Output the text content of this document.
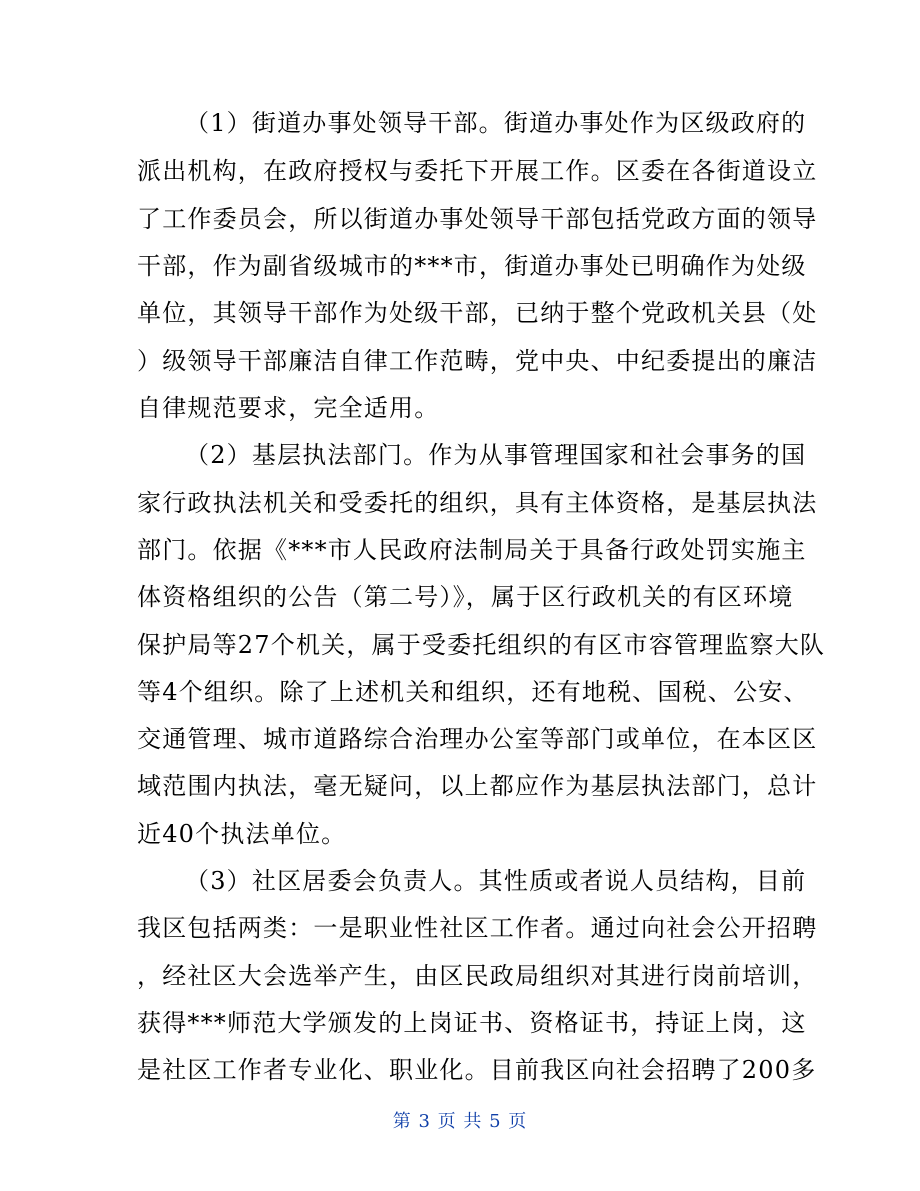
（1）街道办事处领导干部。街道办事处作为区级政府的
派出机构，在政府授权与委托下开展工作。区委在各街道设立
了工作委员会，所以街道办事处领导干部包括党政方面的领导
干部，作为副省级城市的***市，街道办事处已明确作为处级
单位，其领导干部作为处级干部，已纳于整个党政机关县（处
）级领导干部廉洁自律工作范畴，党中央、中纪委提出的廉洁
自律规范要求，完全适用。
（2）基层执法部门。作为从事管理国家和社会事务的国
家行政执法机关和受委托的组织，具有主体资格，是基层执法
部门。依据《***市人民政府法制局关于具备行政处罚实施主
体资格组织的公告（第二号）》，属于区行政机关的有区环境
保护局等27个机关，属于受委托组织的有区市容管理监察大队
等4个组织。除了上述机关和组织，还有地税、国税、公安、
交通管理、城市道路综合治理办公室等部门或单位，在本区区
域范围内执法，毫无疑问，以上都应作为基层执法部门，总计
近40个执法单位。
（3）社区居委会负责人。其性质或者说人员结构，目前
我区包括两类：一是职业性社区工作者。通过向社会公开招聘
，经社区大会选举产生，由区民政局组织对其进行岗前培训，
获得***师范大学颁发的上岗证书、资格证书，持证上岗，这
是社区工作者专业化、职业化。目前我区向社会招聘了200多
第 3 页 共 5 页
